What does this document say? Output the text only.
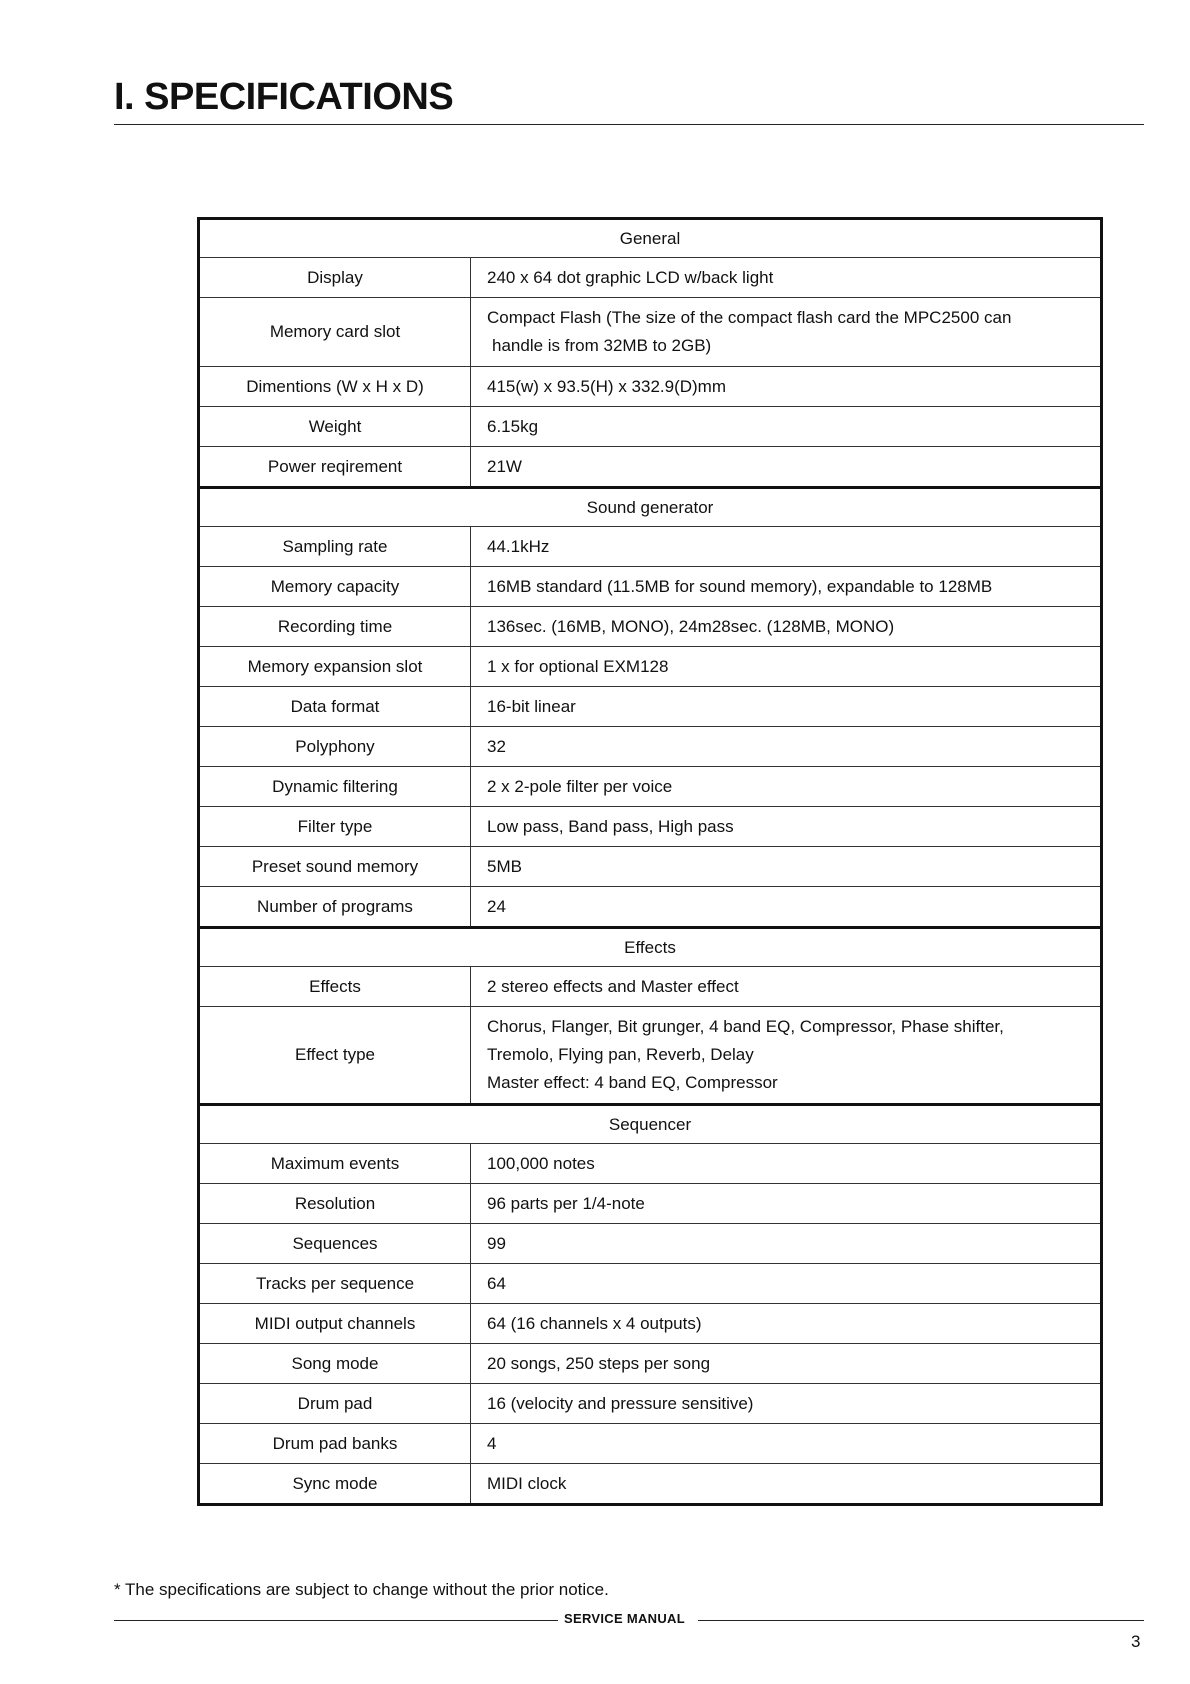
I. SPECIFICATIONS
General	
Display	240 x 64 dot graphic LCD w/back light

Memory card slot	Compact Flash (The size of the compact flash card the MPC2500 can
handle is from 32MB to 2GB)

Dimentions (W x H x D)	415(w) x 93.5(H) x 332.9(D)mm

Weight	6.15kg

Power reqirement	21W

Sound generator	
Sampling rate	44.1kHz

Memory capacity	16MB standard (11.5MB for sound memory), expandable to 128MB

Recording time	136sec. (16MB, MONO), 24m28sec. (128MB, MONO)

Memory expansion slot	1 x for optional EXM128

Data format	16-bit linear

Polyphony	32

Dynamic filtering	2 x 2-pole filter per voice

Filter type	Low pass, Band pass, High pass

Preset sound memory	5MB

Number of programs	24

Effects	
Effects	2 stereo effects and Master effect

Effect type	Chorus, Flanger, Bit grunger, 4 band EQ, Compressor, Phase shifter,
Tremolo, Flying pan, Reverb, Delay
Master effect: 4 band EQ, Compressor

Sequencer	
Maximum events	100,000 notes

Resolution	96 parts per 1/4-note

Sequences	99

Tracks per sequence	64

MIDI output channels	64 (16 channels x 4 outputs)

Song mode	20 songs, 250 steps per song

Drum pad	16 (velocity and pressure sensitive)

Drum pad banks	4

Sync mode	MIDI clock
* The specifications are subject to change without the prior notice.
SERVICE MANUAL
3
